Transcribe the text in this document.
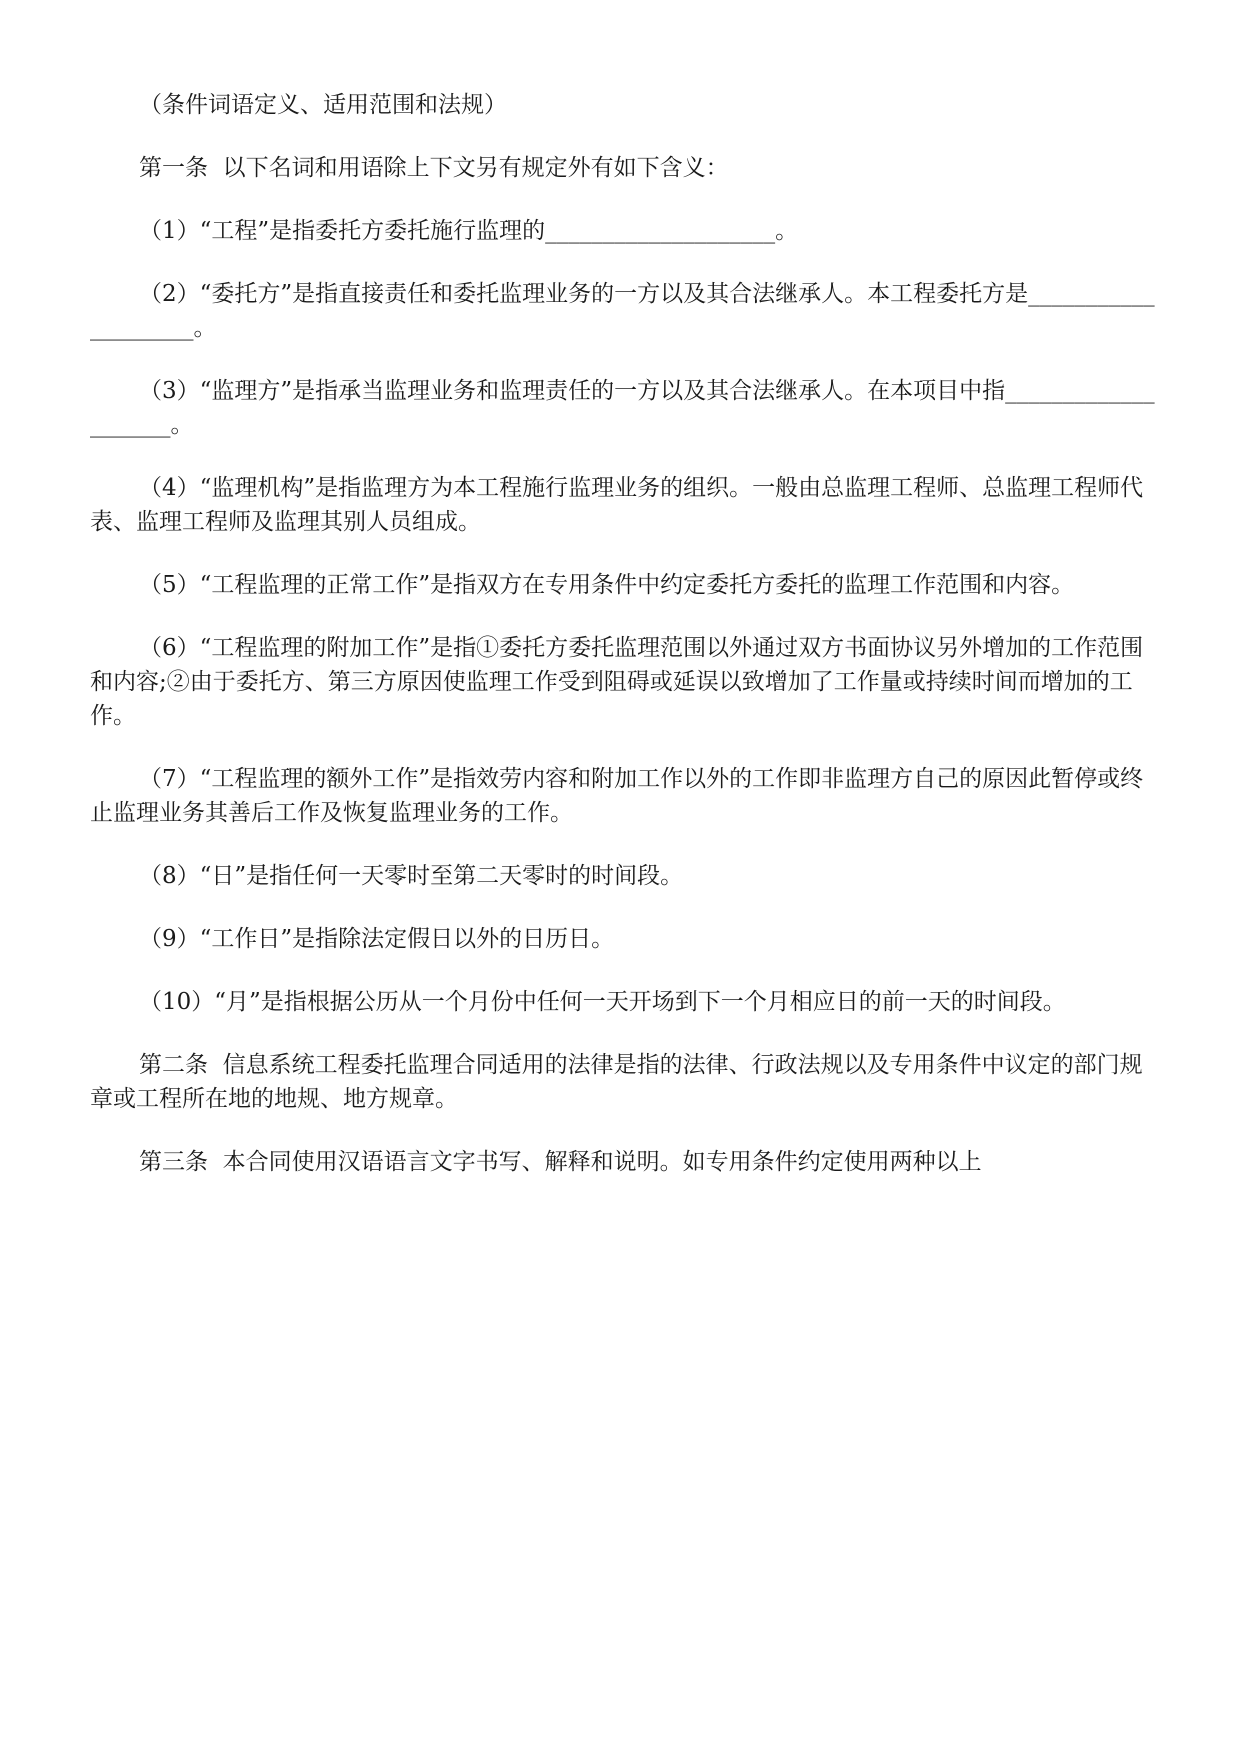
（条件词语定义、适用范围和法规）

第一条  以下名词和用语除上下文另有规定外有如下含义：

（1）“工程”是指委托方委托施行监理的____________________。

（2）“委托方”是指直接责任和委托监理业务的一方以及其合法继承人。本工程委托方是____________________。

（3）“监理方”是指承当监理业务和监理责任的一方以及其合法继承人。在本项目中指____________________。

（4）“监理机构”是指监理方为本工程施行监理业务的组织。一般由总监理工程师、总监理工程师代表、监理工程师及监理其别人员组成。

（5）“工程监理的正常工作”是指双方在专用条件中约定委托方委托的监理工作范围和内容。

（6）“工程监理的附加工作”是指①委托方委托监理范围以外通过双方书面协议另外增加的工作范围和内容;②由于委托方、第三方原因使监理工作受到阻碍或延误以致增加了工作量或持续时间而增加的工作。

（7）“工程监理的额外工作”是指效劳内容和附加工作以外的工作即非监理方自己的原因此暂停或终止监理业务其善后工作及恢复监理业务的工作。

（8）“日”是指任何一天零时至第二天零时的时间段。

（9）“工作日”是指除法定假日以外的日历日。

（10）“月”是指根据公历从一个月份中任何一天开场到下一个月相应日的前一天的时间段。

第二条  信息系统工程委托监理合同适用的法律是指的法律、行政法规以及专用条件中议定的部门规章或工程所在地的地规、地方规章。

第三条  本合同使用汉语语言文字书写、解释和说明。如专用条件约定使用两种以上
